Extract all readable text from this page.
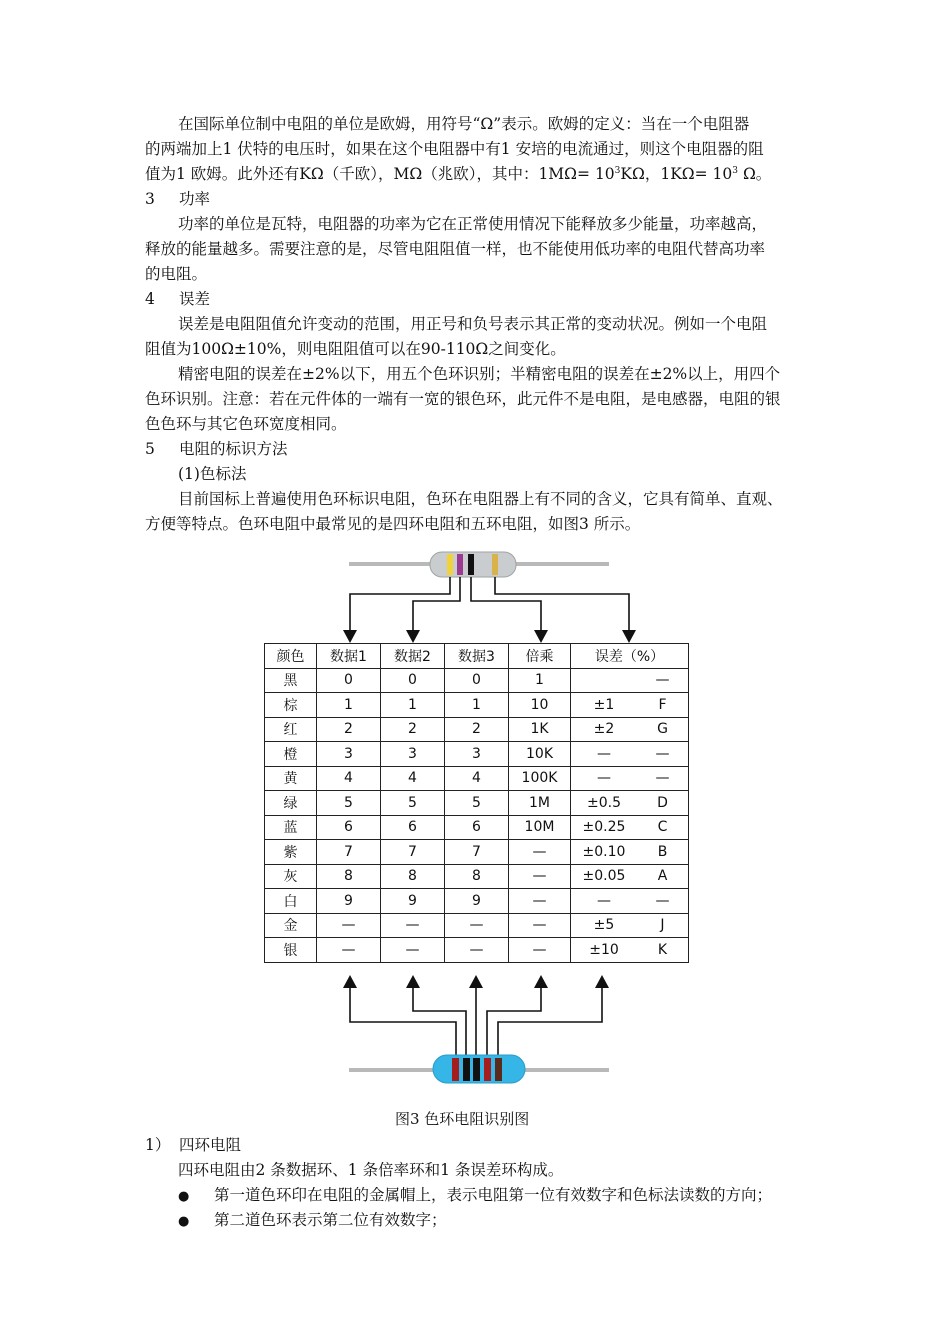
在国际单位制中电阻的单位是欧姆，用符号“Ω”表示。欧姆的定义：当在一个电阻器
的两端加上1 伏特的电压时，如果在这个电阻器中有1 安培的电流通过，则这个电阻器的阻
值为1 欧姆。此外还有KΩ（千欧），MΩ（兆欧），其中：$1M\Omega= 10^3K\Omega$，$1K\Omega= 10^3$ Ω。
3 功率
功率的单位是瓦特，电阻器的功率为它在正常使用情况下能释放多少能量，功率越高，
释放的能量越多。需要注意的是，尽管电阻阻值一样，也不能使用低功率的电阻代替高功率
的电阻。
4 误差
误差是电阻阻值允许变动的范围，用正号和负号表示其正常的变动状况。例如一个电阻
阻值为100Ω±10%，则电阻阻值可以在90-110Ω之间变化。
精密电阻的误差在±2%以下，用五个色环识别；半精密电阻的误差在±2%以上，用四个
色环识别。注意：若在元件体的一端有一宽的银色环，此元件不是电阻，是电感器，电阻的银
色色环与其它色环宽度相同。
5 电阻的标识方法
(1)色标法
目前国标上普遍使用色环标识电阻，色环在电阻器上有不同的含义，它具有简单、直观、
方便等特点。色环电阻中最常见的是四环电阻和五环电阻，如图3 所示。
颜色	数据1	数据2	数据3	倍乘	误差（%）	
黑	0	0	0	1		—
棕	1	1	1	10	±1	F
红	2	2	2	1K	±2	G
橙	3	3	3	10K	—	—
黄	4	4	4	100K	—	—
绿	5	5	5	1M	±0.5	D
蓝	6	6	6	10M	±0.25	C
紫	7	7	7	—	±0.10	B
灰	8	8	8	—	±0.05	A
白	9	9	9	—	—	—
金	—	—	—	—	±5	J
银	—	—	—	—	±10	K
图3 色环电阻识别图
1） 四环电阻
四环电阻由2 条数据环、1 条倍率环和1 条误差环构成。
● 第一道色环印在电阻的金属帽上，表示电阻第一位有效数字和色标法读数的方向；
● 第二道色环表示第二位有效数字；
